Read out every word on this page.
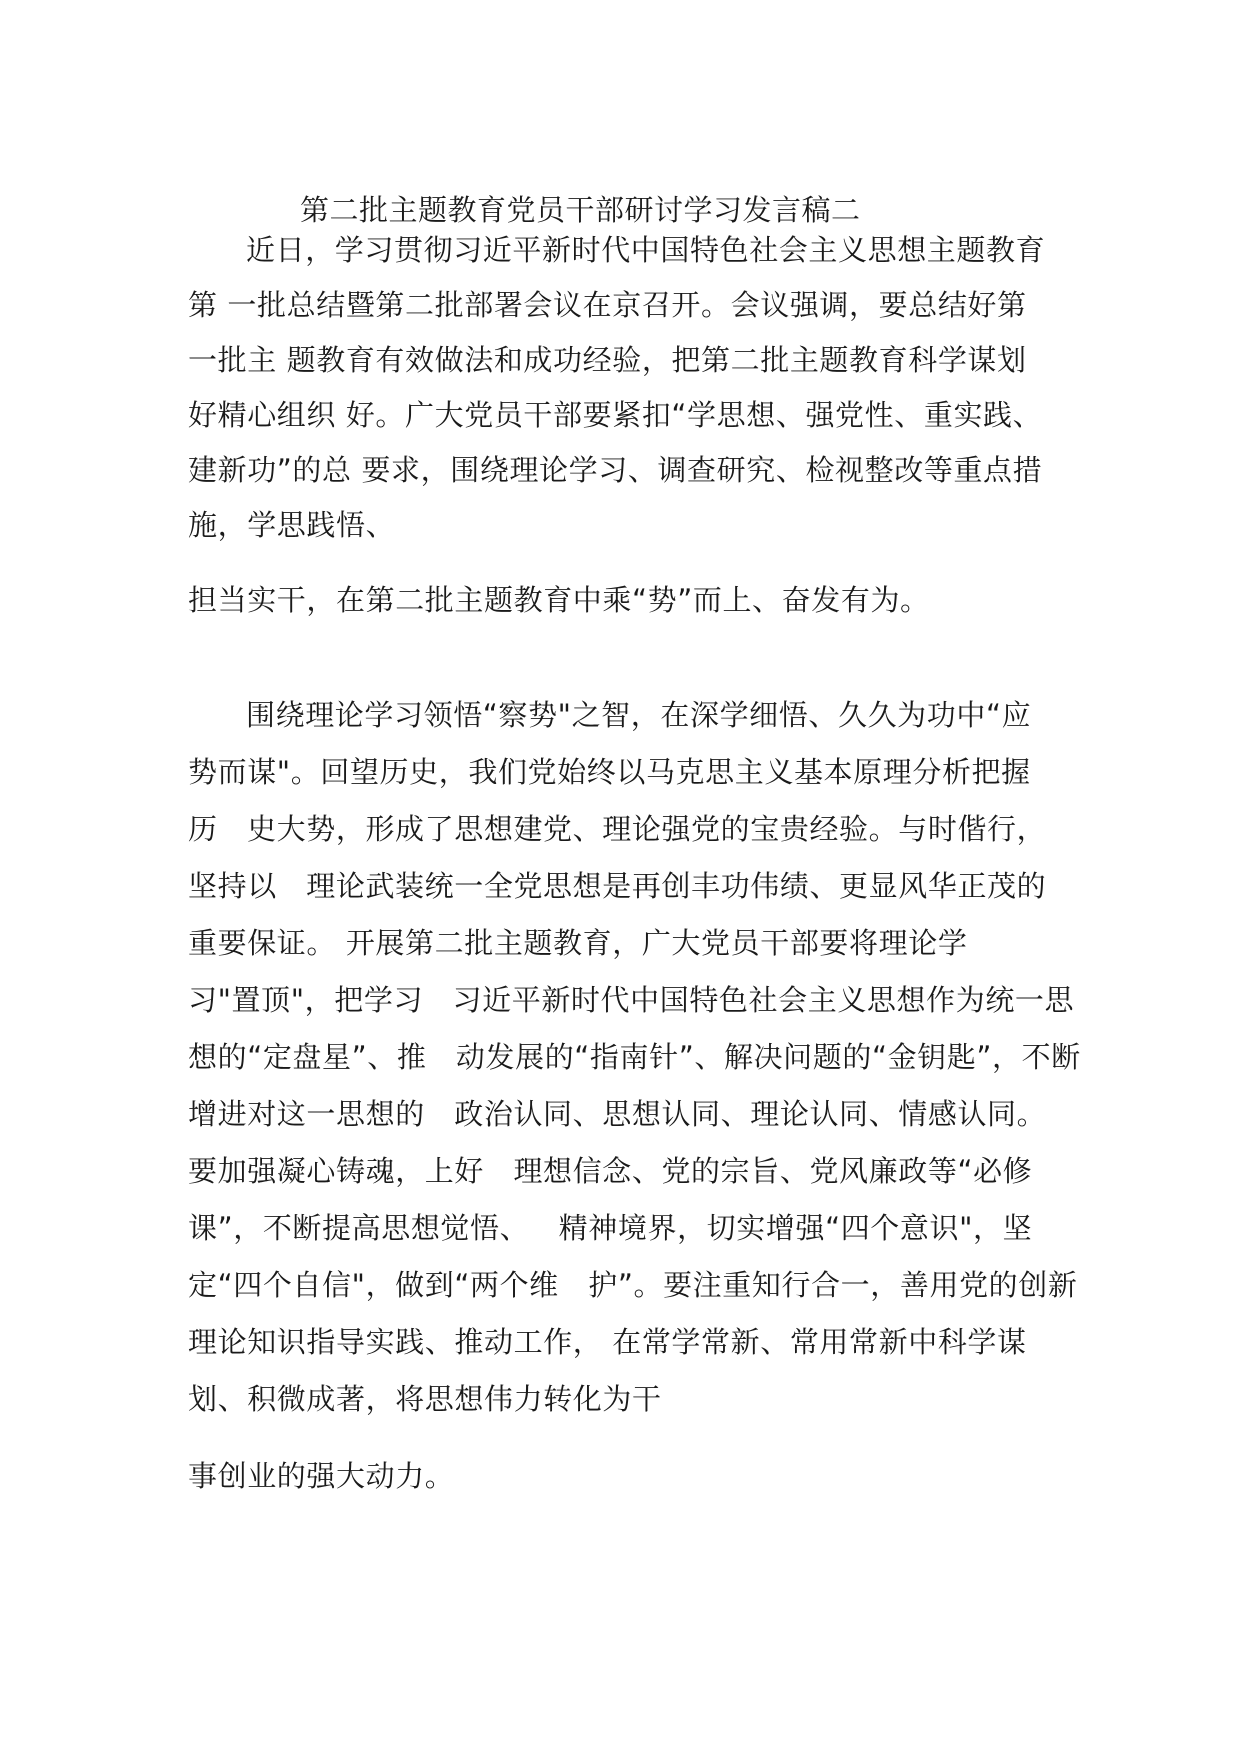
第二批主题教育党员干部研讨学习发言稿二
近日，学习贯彻习近平新时代中国特色社会主义思想主题教育
第 一批总结暨第二批部署会议在京召开。会议强调，要总结好第
一批主 题教育有效做法和成功经验，把第二批主题教育科学谋划
好精心组织 好。广大党员干部要紧扣“学思想、强党性、重实践、
建新功”的总 要求，围绕理论学习、调查研究、检视整改等重点措
施，学思践悟、
担当实干，在第二批主题教育中乘“势”而上、奋发有为。
围绕理论学习领悟“察势"之智，在深学细悟、久久为功中“应
势而谋"。回望历史，我们党始终以马克思主义基本原理分析把握
历   史大势，形成了思想建党、理论强党的宝贵经验。与时偕行，
坚持以   理论武装统一全党思想是再创丰功伟绩、更显风华正茂的
重要保证。 开展第二批主题教育，广大党员干部要将理论学
习"置顶"，把学习   习近平新时代中国特色社会主义思想作为统一思
想的“定盘星”、推   动发展的“指南针”、解决问题的“金钥匙”，不断
增进对这一思想的   政治认同、思想认同、理论认同、情感认同。
要加强凝心铸魂，上好   理想信念、党的宗旨、党风廉政等“必修
课”，不断提高思想觉悟、   精神境界，切实增强“四个意识"，坚
定“四个自信"，做到“两个维   护”。要注重知行合一，善用党的创新
理论知识指导实践、推动工作， 在常学常新、常用常新中科学谋
划、积微成著，将思想伟力转化为干
事创业的强大动力。
